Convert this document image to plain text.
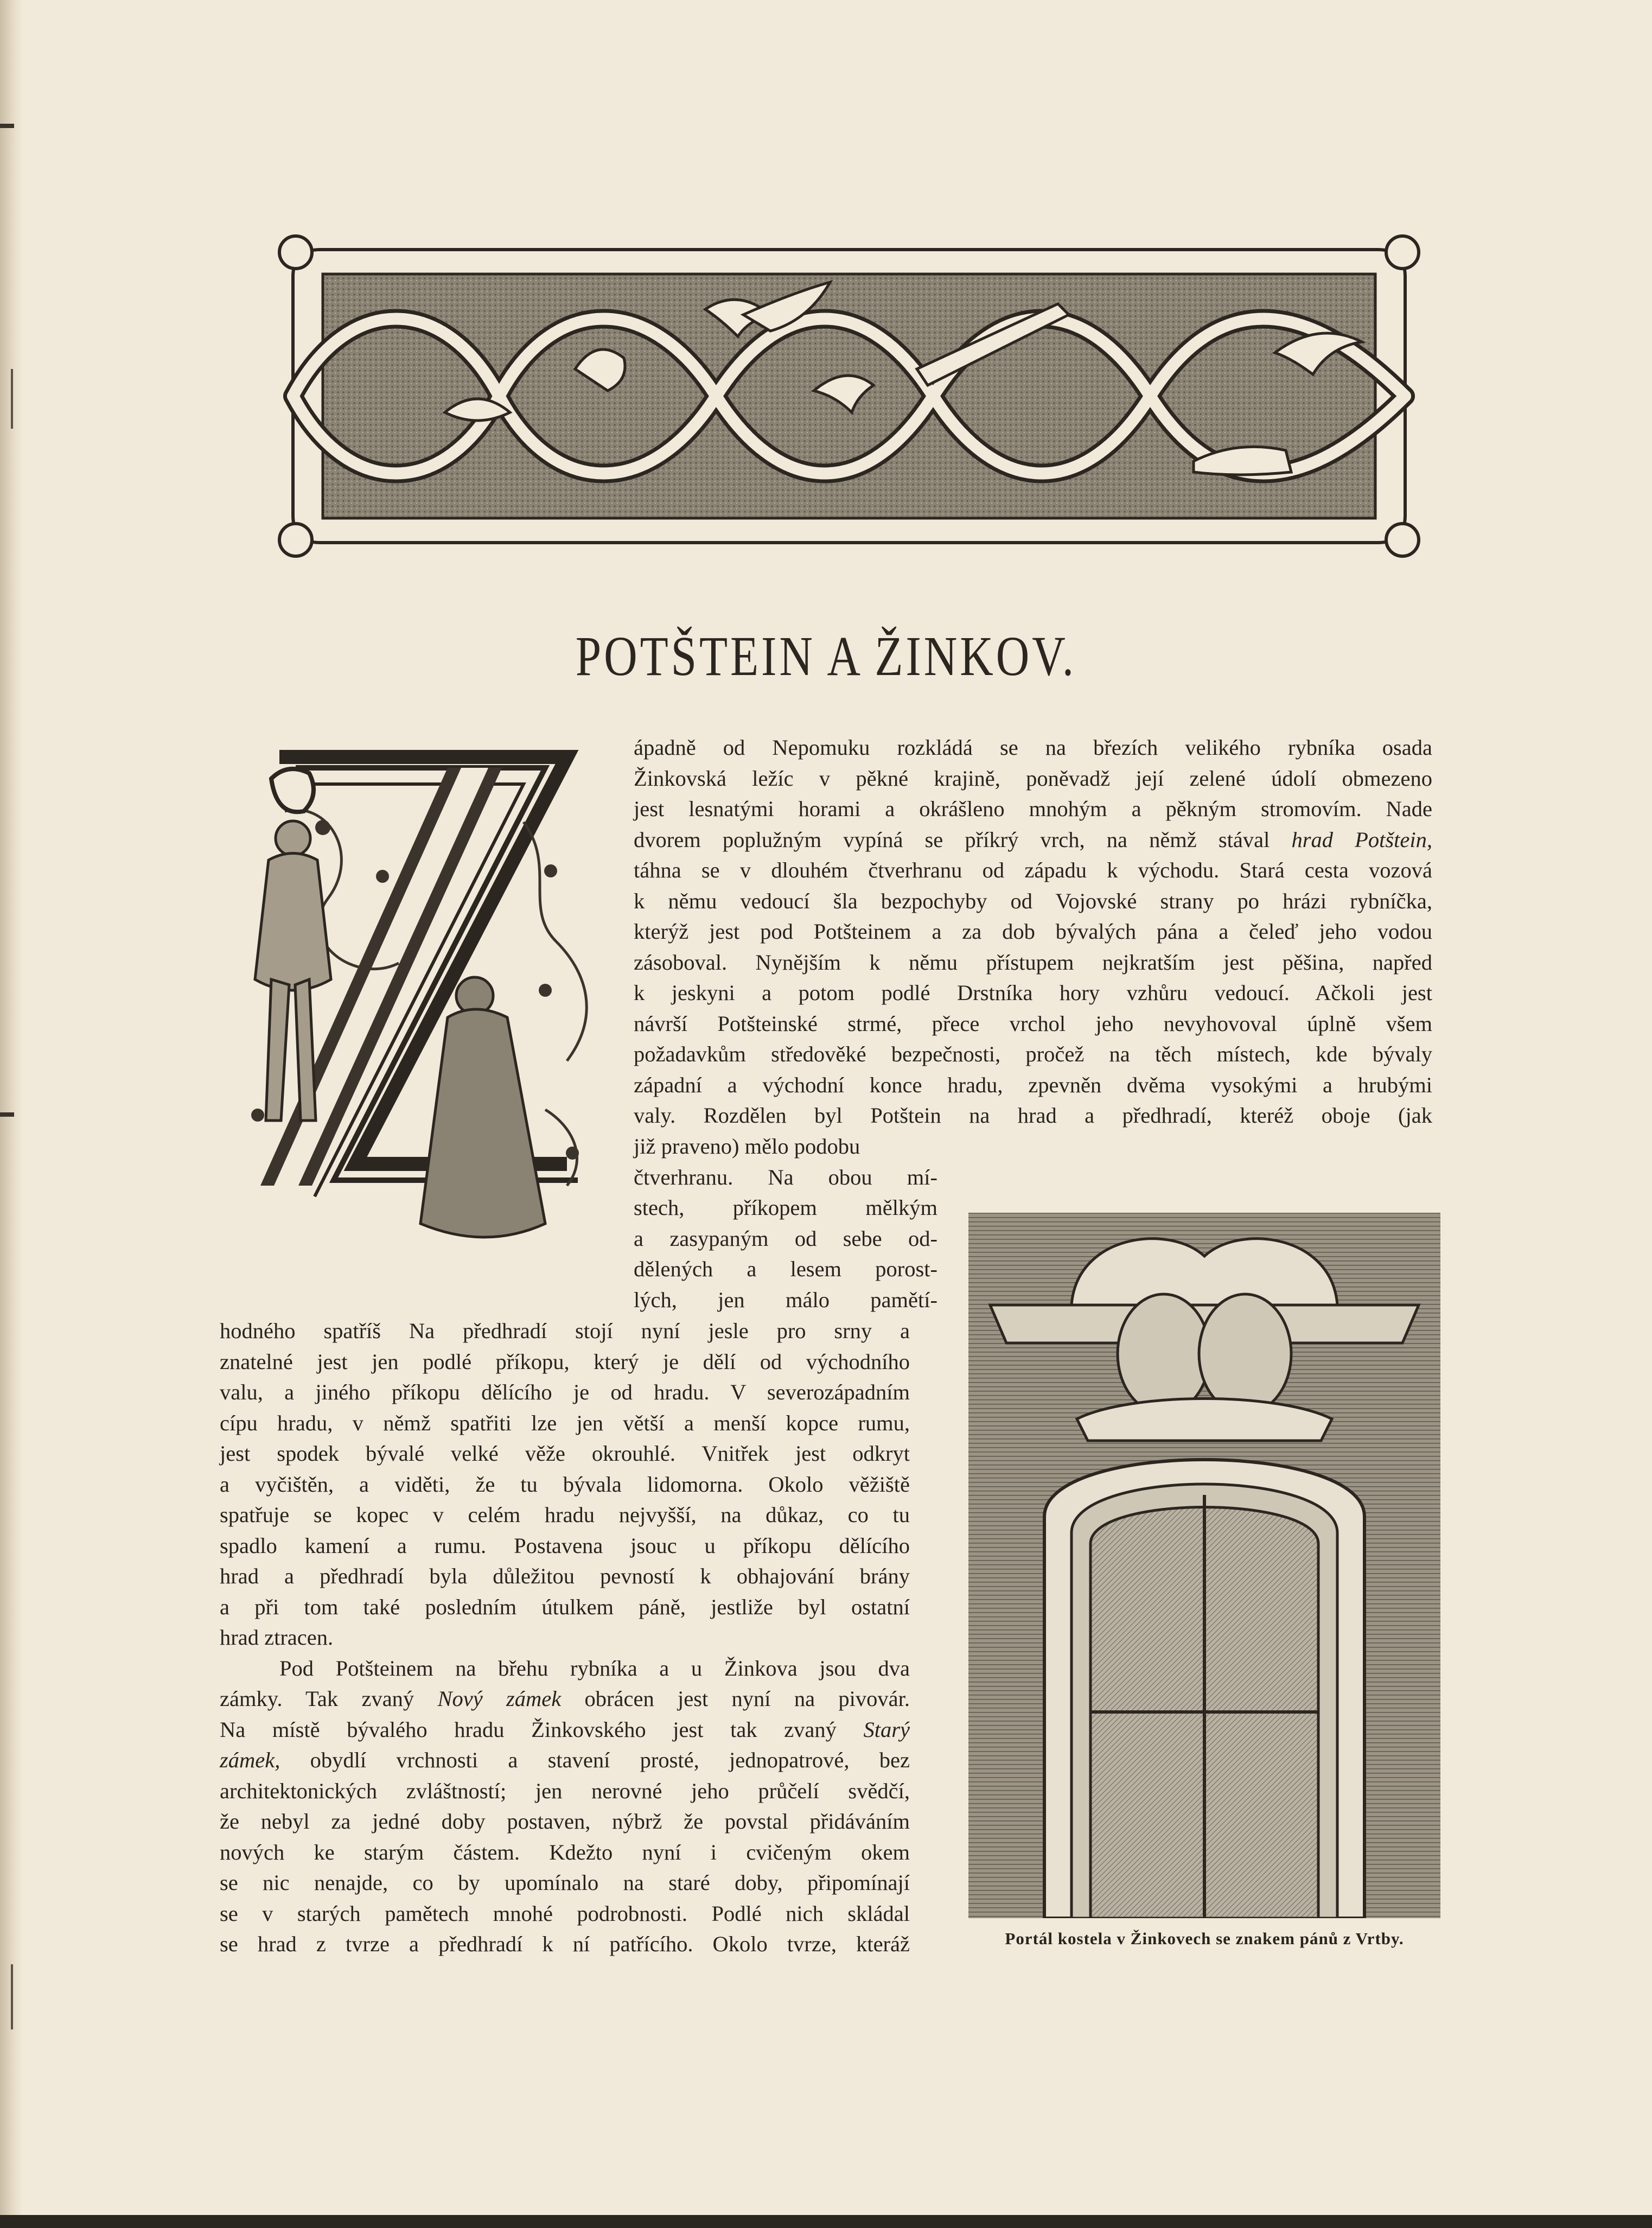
POTŠTEIN A ŽINKOV.
ápadně od Nepomuku rozkládá se na březích velikého rybníka osada
Žinkovská ležíc v pěkné krajině, poněvadž její zelené údolí obmezeno
jest lesnatými horami a okrášleno mnohým a pěkným stromovím. Nade
dvorem poplužným vypíná se příkrý vrch, na němž stával hrad Potštein,
táhna se v dlouhém čtverhranu od západu k východu. Stará cesta vozová
k němu vedoucí šla bezpochyby od Vojovské strany po hrázi rybníčka,
kterýž jest pod Potšteinem a za dob bývalých pána a čeleď jeho vodou
zásoboval. Nynějším k němu přístupem nejkratším jest pěšina, napřed
k jeskyni a potom podlé Drstníka hory vzhůru vedoucí. Ačkoli jest
návrší Potšteinské strmé, přece vrchol jeho nevyhovoval úplně všem
požadavkům středověké bezpečnosti, pročež na těch místech, kde bývaly
západní a východní konce hradu, zpevněn dvěma vysokými a hrubými
valy. Rozdělen byl Potštein na hrad a předhradí, kteréž oboje (jak
již praveno) mělo podobu
čtverhranu. Na obou mí-
stech, příkopem mělkým
a zasypaným od sebe od-
dělených a lesem porost-
lých, jen málo pamětí-
hodného spatříš Na předhradí stojí nyní jesle pro srny a
znatelné jest jen podlé příkopu, který je dělí od východního
valu, a jiného příkopu dělícího je od hradu. V severozápadním
cípu hradu, v němž spatřiti lze jen větší a menší kopce rumu,
jest spodek bývalé velké věže okrouhlé. Vnitřek jest odkryt
a vyčištěn, a viděti, že tu bývala lidomorna. Okolo věžiště
spatřuje se kopec v celém hradu nejvyšší, na důkaz, co tu
spadlo kamení a rumu. Postavena jsouc u příkopu dělícího
hrad a předhradí byla důležitou pevností k obhajování brány
a při tom také posledním útulkem páně, jestliže byl ostatní
hrad ztracen.
Pod Potšteinem na břehu rybníka a u Žinkova jsou dva
zámky. Tak zvaný Nový zámek obrácen jest nyní na pivovár.
Na místě bývalého hradu Žinkovského jest tak zvaný Starý
zámek, obydlí vrchnosti a stavení prosté, jednopatrové, bez
architektonických zvláštností; jen nerovné jeho průčelí svědčí,
že nebyl za jedné doby postaven, nýbrž že povstal přidáváním
nových ke starým částem. Kdežto nyní i cvičeným okem
se nic nenajde, co by upomínalo na staré doby, připomínají
se v starých pamětech mnohé podrobnosti. Podlé nich skládal
se hrad z tvrze a předhradí k ní patřícího. Okolo tvrze, kteráž	Portál kostela v Žinkovech se znakem pánů z Vrtby.
